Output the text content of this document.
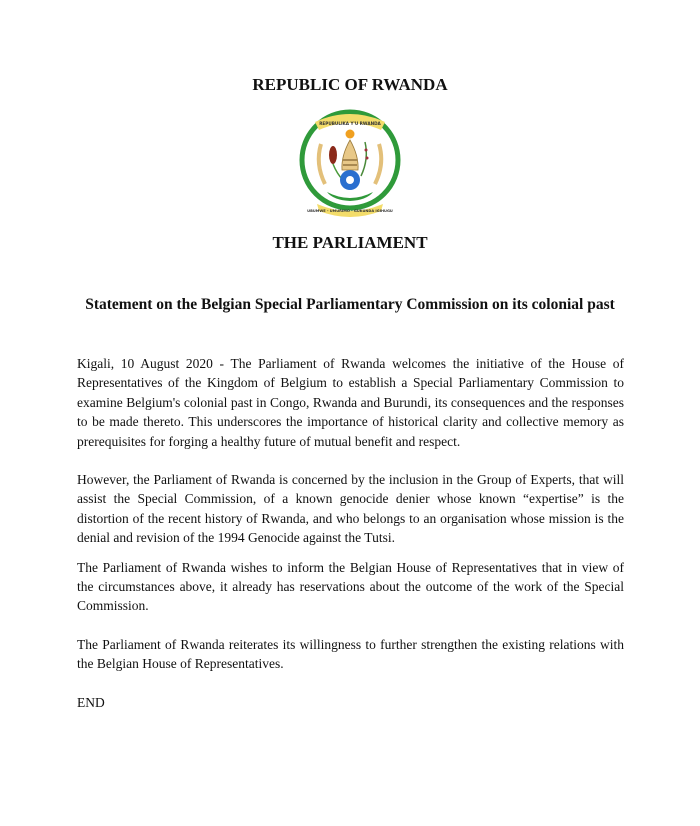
REPUBLIC OF RWANDA
REPUBULIKA Y'U RWANDA
UBUMWE - UMURIMO - GUKUNDA IGIHUGU
THE PARLIAMENT
Statement on the Belgian Special Parliamentary Commission on its colonial past
Kigali, 10 August 2020 - The Parliament of Rwanda welcomes the initiative of the House of Representatives of the Kingdom of Belgium to establish a Special Parliamentary Commission to examine Belgium's colonial past in Congo, Rwanda and Burundi, its consequences and the responses to be made thereto. This underscores the importance of historical clarity and collective memory as prerequisites for forging a healthy future of mutual benefit and respect.
However, the Parliament of Rwanda is concerned by the inclusion in the Group of Experts, that will assist the Special Commission, of a known genocide denier whose known “expertise” is the distortion of the recent history of Rwanda, and who belongs to an organisation whose mission is the denial and revision of the 1994 Genocide against the Tutsi.
The Parliament of Rwanda wishes to inform the Belgian House of Representatives that in view of the circumstances above, it already has reservations about the outcome of the work of the Special Commission.
The Parliament of Rwanda reiterates its willingness to further strengthen the existing relations with the Belgian House of Representatives.
END
